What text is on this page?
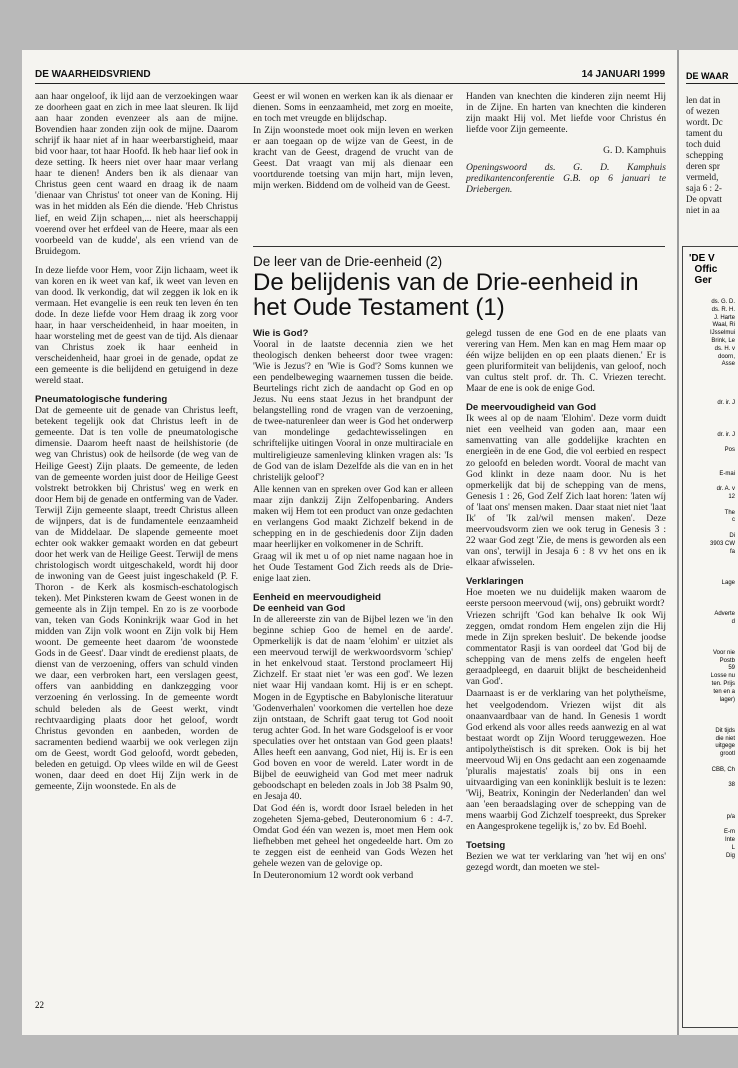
DE WAARHEIDSVRIEND	14 JANUARI 1999

aan haar ongeloof, ik lijd aan de verzoekingen waar ze doorheen gaat en zich in mee laat sleuren. Ik lijd aan haar zonden evenzeer als aan de mijne. Bovendien haar zonden zijn ook de mijne. Daarom schrijf ik haar niet af in haar weerbarstigheid, maar bid voor haar, tot haar Hoofd. Ik heb haar lief ook in deze setting. Ik heers niet over haar maar verlang haar te dienen! Anders ben ik als dienaar van Christus geen cent waard en draag ik de naam 'dienaar van Christus' tot oneer van de Koning. Hij was in het midden als Eén die diende. 'Heb Christus lief, en weid Zijn schapen,... niet als heerschappij voerend over het erfdeel van de Heere, maar als een voorbeeld van de kudde', als een vriend van de Bruidegom.

In deze liefde voor Hem, voor Zijn lichaam, weet ik van koren en ik weet van kaf, ik weet van leven en van dood. Ik verkondig, dat wil zeggen ik lok en ik vermaan. Het evangelie is een reuk ten leven én ten dode. In deze liefde voor Hem draag ik zorg voor haar, in haar verscheidenheid, in haar moeiten, in haar worsteling met de geest van de tijd. Als dienaar van Christus zoek ik haar eenheid in verscheidenheid, haar groei in de genade, opdat ze een gemeente is die belijdend en getuigend in deze wereld staat.

Pneumatologische fundering

Dat de gemeente uit de genade van Christus leeft, betekent tegelijk ook dat Christus leeft in de gemeente. Dat is ten volle de pneumatologische dimensie. Daarom heeft naast de heilshistorie (de weg van Christus) ook de heilsorde (de weg van de Heilige Geest) Zijn plaats. De gemeente, de leden van de gemeente worden juist door de Heilige Geest volstrekt betrokken bij Christus' weg en werk en door Hem bij de genade en ontferming van de Vader. Terwijl Zijn gemeente slaapt, treedt Christus alleen de wijnpers, dat is de fundamentele eenzaamheid van de Middelaar. De slapende gemeente moet echter ook wakker gemaakt worden en dat gebeurt door het werk van de Heilige Geest. Terwijl de mens christologisch wordt uitgeschakeld, wordt hij door de inwoning van de Geest juist ingeschakeld (P. F. Thoron - de Kerk als kosmisch-eschatologisch teken). Met Pinksteren kwam de Geest wonen in de gemeente als in Zijn tempel. En zo is ze voorbode van, teken van Gods Koninkrijk waar God in het midden van Zijn volk woont en Zijn volk bij Hem woont. De gemeente heet daarom 'de woonstede Gods in de Geest'. Daar vindt de eredienst plaats, de dienst van de verzoening, offers van schuld vinden we daar, een verbroken hart, een verslagen geest, offers van aanbidding en dankzegging voor verzoening én verlossing. In de gemeente wordt schuld beleden als de Geest werkt, vindt rechtvaardiging plaats door het geloof, wordt Christus gevonden en aanbeden, worden de sacramenten bediend waarbij we ook verlegen zijn om de Geest, wordt God geloofd, wordt gebeden, beleden en getuigd. Op vlees wilde en wil de Geest wonen, daar deed en doet Hij Zijn werk in de gemeente, Zijn woonstede. En als de

Geest er wil wonen en werken kan ik als dienaar er dienen. Soms in eenzaamheid, met zorg en moeite, en toch met vreugde en blijdschap.

In Zijn woonstede moet ook mijn leven en werken er aan toegaan op de wijze van de Geest, in de kracht van de Geest, dragend de vrucht van de Geest. Dat vraagt van mij als dienaar een voortdurende toetsing van mijn hart, mijn leven, mijn werken. Biddend om de volheid van de Geest.

Handen van knechten die kinderen zijn neemt Hij in de Zijne. En harten van knechten die kinderen zijn maakt Hij vol. Met liefde voor Christus én liefde voor Zijn gemeente.

G. D. Kamphuis

Openingswoord ds. G. D. Kamphuis predikantenconferentie G.B. op 6 januari te Driebergen.

De leer van de Drie-eenheid (2)
De belijdenis van de Drie-eenheid in het Oude Testament (1)
Wie is God?

Vooral in de laatste decennia zien we het theologisch denken beheerst door twee vragen: 'Wie is Jezus'? en 'Wie is God'? Soms kunnen we een pendelbeweging waarnemen tussen die beide. Beurtelings richt zich de aandacht op God en op Jezus. Nu eens staat Jezus in het brandpunt der belangstelling rond de vragen van de verzoening, de twee-naturenleer dan weer is God het onderwerp van mondelinge gedachtewisselingen en schriftelijke uitingen Vooral in onze multiraciale en multireligieuze samenleving klinken vragen als: 'Is de God van de islam Dezelfde als die van en in het christelijk geloof'?

Alle kennen van en spreken over God kan er alleen maar zijn dankzij Zijn Zelfopenbaring. Anders maken wij Hem tot een product van onze gedachten en verlangens God maakt Zichzelf bekend in de schepping en in de geschiedenis door Zijn daden maar heerlijker en volkomener in de Schrift.

Graag wil ik met u of op niet name nagaan hoe in het Oude Testament God Zich reeds als de Drie-enige laat zien.

Eenheid en meervoudigheid
De eenheid van God

In de allereerste zin van de Bijbel lezen we 'in den beginne schiep Goo de hemel en de aarde'. Opmerkelijk is dat de naam 'elohim' er uitziet als een meervoud terwijl de werkwoordsvorm 'schiep' in het enkelvoud staat. Terstond proclameert Hij Zichzelf. Er staat niet 'er was een god'. We lezen niet waar Hij vandaan komt. Hij is er en schept. Mogen in de Egyptische en Babylonische literatuur 'Godenverhalen' voorkomen die vertellen hoe deze zijn ontstaan, de Schrift gaat terug tot God nooit terug achter God. In het ware Godsgeloof is er voor speculaties over het ontstaan van God geen plaats! Alles heeft een aanvang, God niet, Hij is. Er is een God boven en voor de wereld. Later wordt in de Bijbel de eeuwigheid van God met meer nadruk geboodschapt en beleden zoals in Job 38 Psalm 90, en Jesaja 40.

Dat God één is, wordt door Israel beleden in het zogeheten Sjema-gebed, Deuteronomium 6 : 4-7. Omdat God één van wezen is, moet men Hem ook liefhebben met geheel het ongedeelde hart. Om zo te zeggen eist de eenheid van Gods Wezen het gehele wezen van de gelovige op.

In Deuteronomium 12 wordt ook verband

gelegd tussen de ene God en de ene plaats van verering van Hem. Men kan en mag Hem maar op één wijze belijden en op een plaats dienen.' Er is geen pluriformiteit van belijdenis, van geloof, noch van cultus stelt prof. dr. Th. C. Vriezen terecht. Maar de ene is ook de enige God.

De meervoudigheid van God

Ik wees al op de naam 'Elohim'. Deze vorm duidt niet een veelheid van goden aan, maar een samenvatting van alle goddelijke krachten en energieën in de ene God, die vol eerbied en respect zo geloofd en beleden wordt. Vooral de macht van God klinkt in deze naam door. Nu is het opmerkelijk dat bij de schepping van de mens, Genesis 1 : 26, God Zelf Zich laat horen: 'laten wíj of 'laat ons' mensen maken. Daar staat niet niet 'laat Ik' of 'Ik zal/wil mensen maken'. Deze meervoudsvorm zien we ook terug in Genesis 3 : 22 waar God zegt 'Zie, de mens is geworden als een van ons', terwijl in Jesaja 6 : 8 vv het ons en ik elkaar afwisselen.

Verklaringen

Hoe moeten we nu duidelijk maken waarom de eerste persoon meervoud (wij, ons) gebruikt wordt?

Vriezen schrijft 'God kan behalve Ik ook Wij zeggen, omdat rondom Hem engelen zijn die Hij mede in Zijn spreken besluit'. De bekende joodse commentator Rasji is van oordeel dat 'God bij de schepping van de mens zelfs de engelen heeft geraadpleegd, en daaruit blijkt de bescheidenheid van God'.

Daarnaast is er de verklaring van het polytheïsme, het veelgodendom. Vriezen wijst dit als onaanvaardbaar van de hand. In Genesis 1 wordt God erkend als voor alles reeds aanwezig en al wat bestaat wordt op Zijn Woord teruggewezen. Hoe antipolytheïstisch is dit spreken. Ook is bij het meervoud Wij en Ons gedacht aan een zogenaamde 'pluralis majestatis' zoals bij ons in een uitvaardiging van een koninklijk besluit is te lezen: 'Wij, Beatrix, Koningin der Nederlanden' dan wel aan 'een beraadslaging over de schepping van de mens waarbij God Zichzelf toespreekt, dus Spreker en Aangesprokene tegelijk is,' zo bv. Ed Boehl.

Toetsing

Bezien we wat ter verklaring van 'het wij en ons' gezegd wordt, dan moeten we stel-

22
DE WAAR
len dat in
of wezen
wordt. Dc
tament du
toch duid
schepping
deren spr
vermeld,
saja 6 : 2-
De opvatt
niet in aa
'DE V
Offic
Ger
ds. G. D.
ds. R. H.
J. Harte
Waal, Ri
IJsselmui
Brink, Le
ds. H. v
doorn,
Asse

dr. ir. J

dr. ir. J

Pos

E-mai

dr. A. v
12

The
c

Di
3903 CW
fa

Lage

Adverte
d

Voor nie
Postb
59
Losse nu
ten. Prijs
ten en a
lager)

Dit tijds
die niet
uitgege
grootl

CBB, Ch

38

p/a

E-m
Inte
L
Dig
